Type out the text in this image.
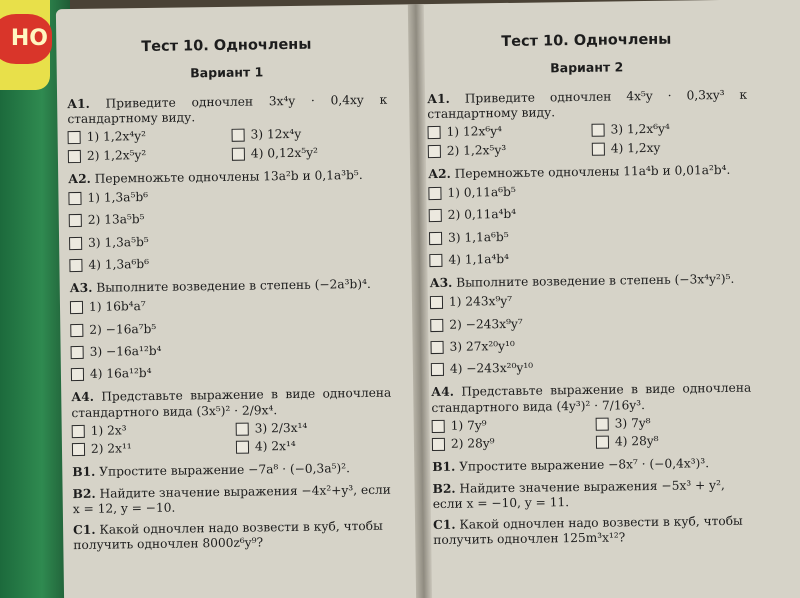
НО	Тест 10. Одночлены
Вариант 1
А1. Приведите одночлен 3x⁴y · 0,4xy к стандартному виду.
1) 1,2x⁴y²	3) 12x⁴y
2) 1,2x⁵y²	4) 0,12x⁵y²
А2. Перемножьте одночлены 13a²b и 0,1a³b⁵.
1) 1,3a⁵b⁶
2) 13a⁵b⁵
3) 1,3a⁵b⁵
4) 1,3a⁶b⁶
А3. Выполните возведение в степень (−2a³b)⁴.
1) 16b⁴a⁷
2) −16a⁷b⁵
3) −16a¹²b⁴
4) 16a¹²b⁴
А4. Представьте выражение в виде одночлена стандартного вида (3x⁵)² · 2/9x⁴.
1) 2x³	3) 2/3x¹⁴
2) 2x¹¹	4) 2x¹⁴
В1. Упростите выражение −7a⁸ · (−0,3a⁵)².
В2. Найдите значение выражения −4x²+y³, если x = 12, y = −10.
С1. Какой одночлен надо возвести в куб, чтобы получить одночлен 8000z⁶y⁹?
Тест 10. Одночлены
Вариант 2
А1. Приведите одночлен 4x⁵y · 0,3xy³ к стандартному виду.
1) 12x⁶y⁴	3) 1,2x⁶y⁴
2) 1,2x⁵y³	4) 1,2xy
А2. Перемножьте одночлены 11a⁴b и 0,01a²b⁴.
1) 0,11a⁶b⁵
2) 0,11a⁴b⁴
3) 1,1a⁶b⁵
4) 1,1a⁴b⁴
А3. Выполните возведение в степень (−3x⁴y²)⁵.
1) 243x⁹y⁷
2) −243x⁹y⁷
3) 27x²⁰y¹⁰
4) −243x²⁰y¹⁰
А4. Представьте выражение в виде одночлена стандартного вида (4y³)² · 7/16y³.
1) 7y⁹	3) 7y⁸
2) 28y⁹	4) 28y⁸
В1. Упростите выражение −8x⁷ · (−0,4x³)³.
В2. Найдите значение выражения −5x³ + y², если x = −10, y = 11.
С1. Какой одночлен надо возвести в куб, чтобы получить одночлен 125m³x¹²?
